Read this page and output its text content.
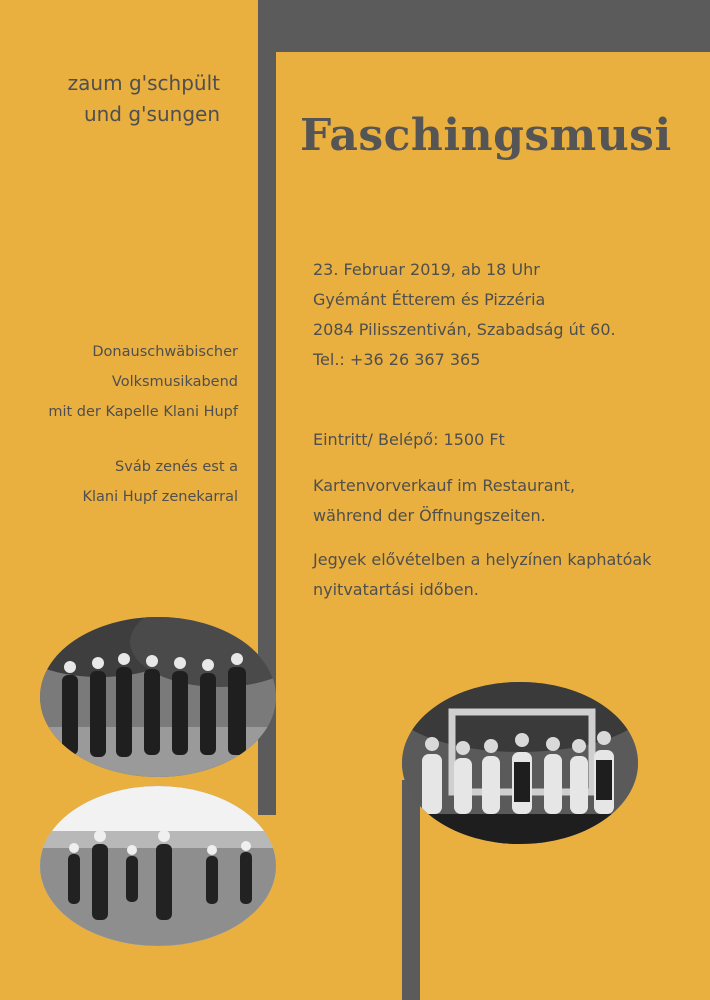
zaum g'schpült
und g'sungen Faschingsmusi
23. Februar 2019, ab 18 Uhr
Gyémánt Étterem és Pizzéria
2084 Pilisszentiván, Szabadság út 60.
Tel.: +36 26 367 365
Donauschwäbischer
Volksmusikabend
mit der Kapelle Klani Hupf
Sváb zenés est a
Klani Hupf zenekarral
Eintritt/ Belépő: 1500 Ft
Kartenvorverkauf im Restaurant,
während der Öffnungszeiten.
Jegyek elővételben a helyzínen kaphatóak
nyitvatartási időben.
